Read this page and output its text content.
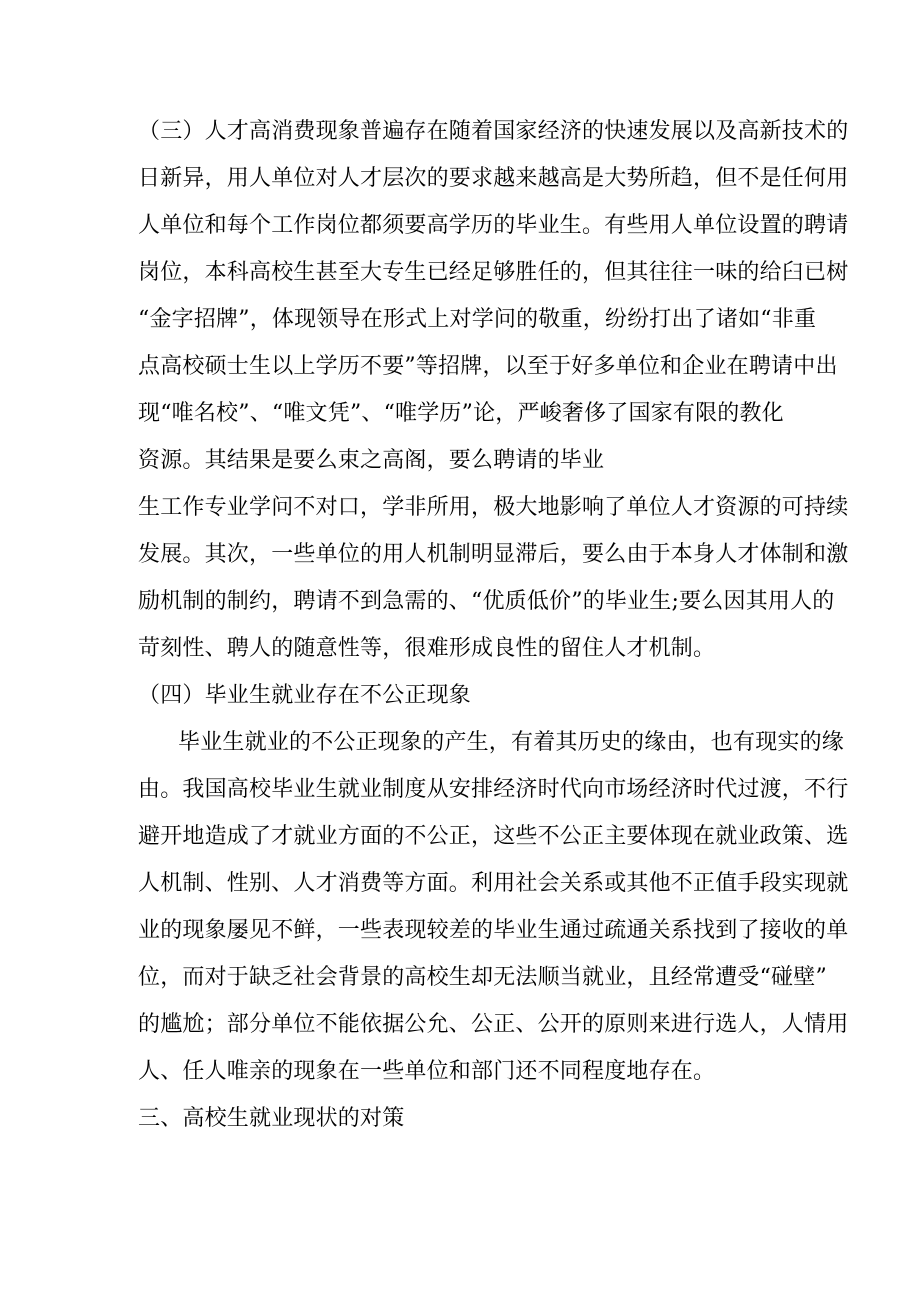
（三）人才高消费现象普遍存在随着国家经济的快速发展以及高新技术的
日新异，用人单位对人才层次的要求越来越高是大势所趋，但不是任何用
人单位和每个工作岗位都须要高学历的毕业生。有些用人单位设置的聘请
岗位，本科高校生甚至大专生已经足够胜任的，但其往往一味的给臼已树
“金字招牌”，体现领导在形式上对学问的敬重，纷纷打出了诸如“非重
点高校硕士生以上学历不要”等招牌，以至于好多单位和企业在聘请中出
现“唯名校”、“唯文凭”、“唯学历”论，严峻奢侈了国家有限的教化
资源。其结果是要么束之高阁，要么聘请的毕业
生工作专业学问不对口，学非所用，极大地影响了单位人才资源的可持续
发展。其次，一些单位的用人机制明显滞后，要么由于本身人才体制和激
励机制的制约，聘请不到急需的、“优质低价”的毕业生;要么因其用人的
苛刻性、聘人的随意性等，很难形成良性的留住人才机制。
（四）毕业生就业存在不公正现象
毕业生就业的不公正现象的产生，有着其历史的缘由，也有现实的缘
由。我国高校毕业生就业制度从安排经济时代向市场经济时代过渡，不行
避开地造成了才就业方面的不公正，这些不公正主要体现在就业政策、选
人机制、性别、人才消费等方面。利用社会关系或其他不正值手段实现就
业的现象屡见不鲜，一些表现较差的毕业生通过疏通关系找到了接收的单
位，而对于缺乏社会背景的高校生却无法顺当就业，且经常遭受“碰壁”
的尴尬；部分单位不能依据公允、公正、公开的原则来进行选人，人情用
人、任人唯亲的现象在一些单位和部门还不同程度地存在。
三、高校生就业现状的对策
